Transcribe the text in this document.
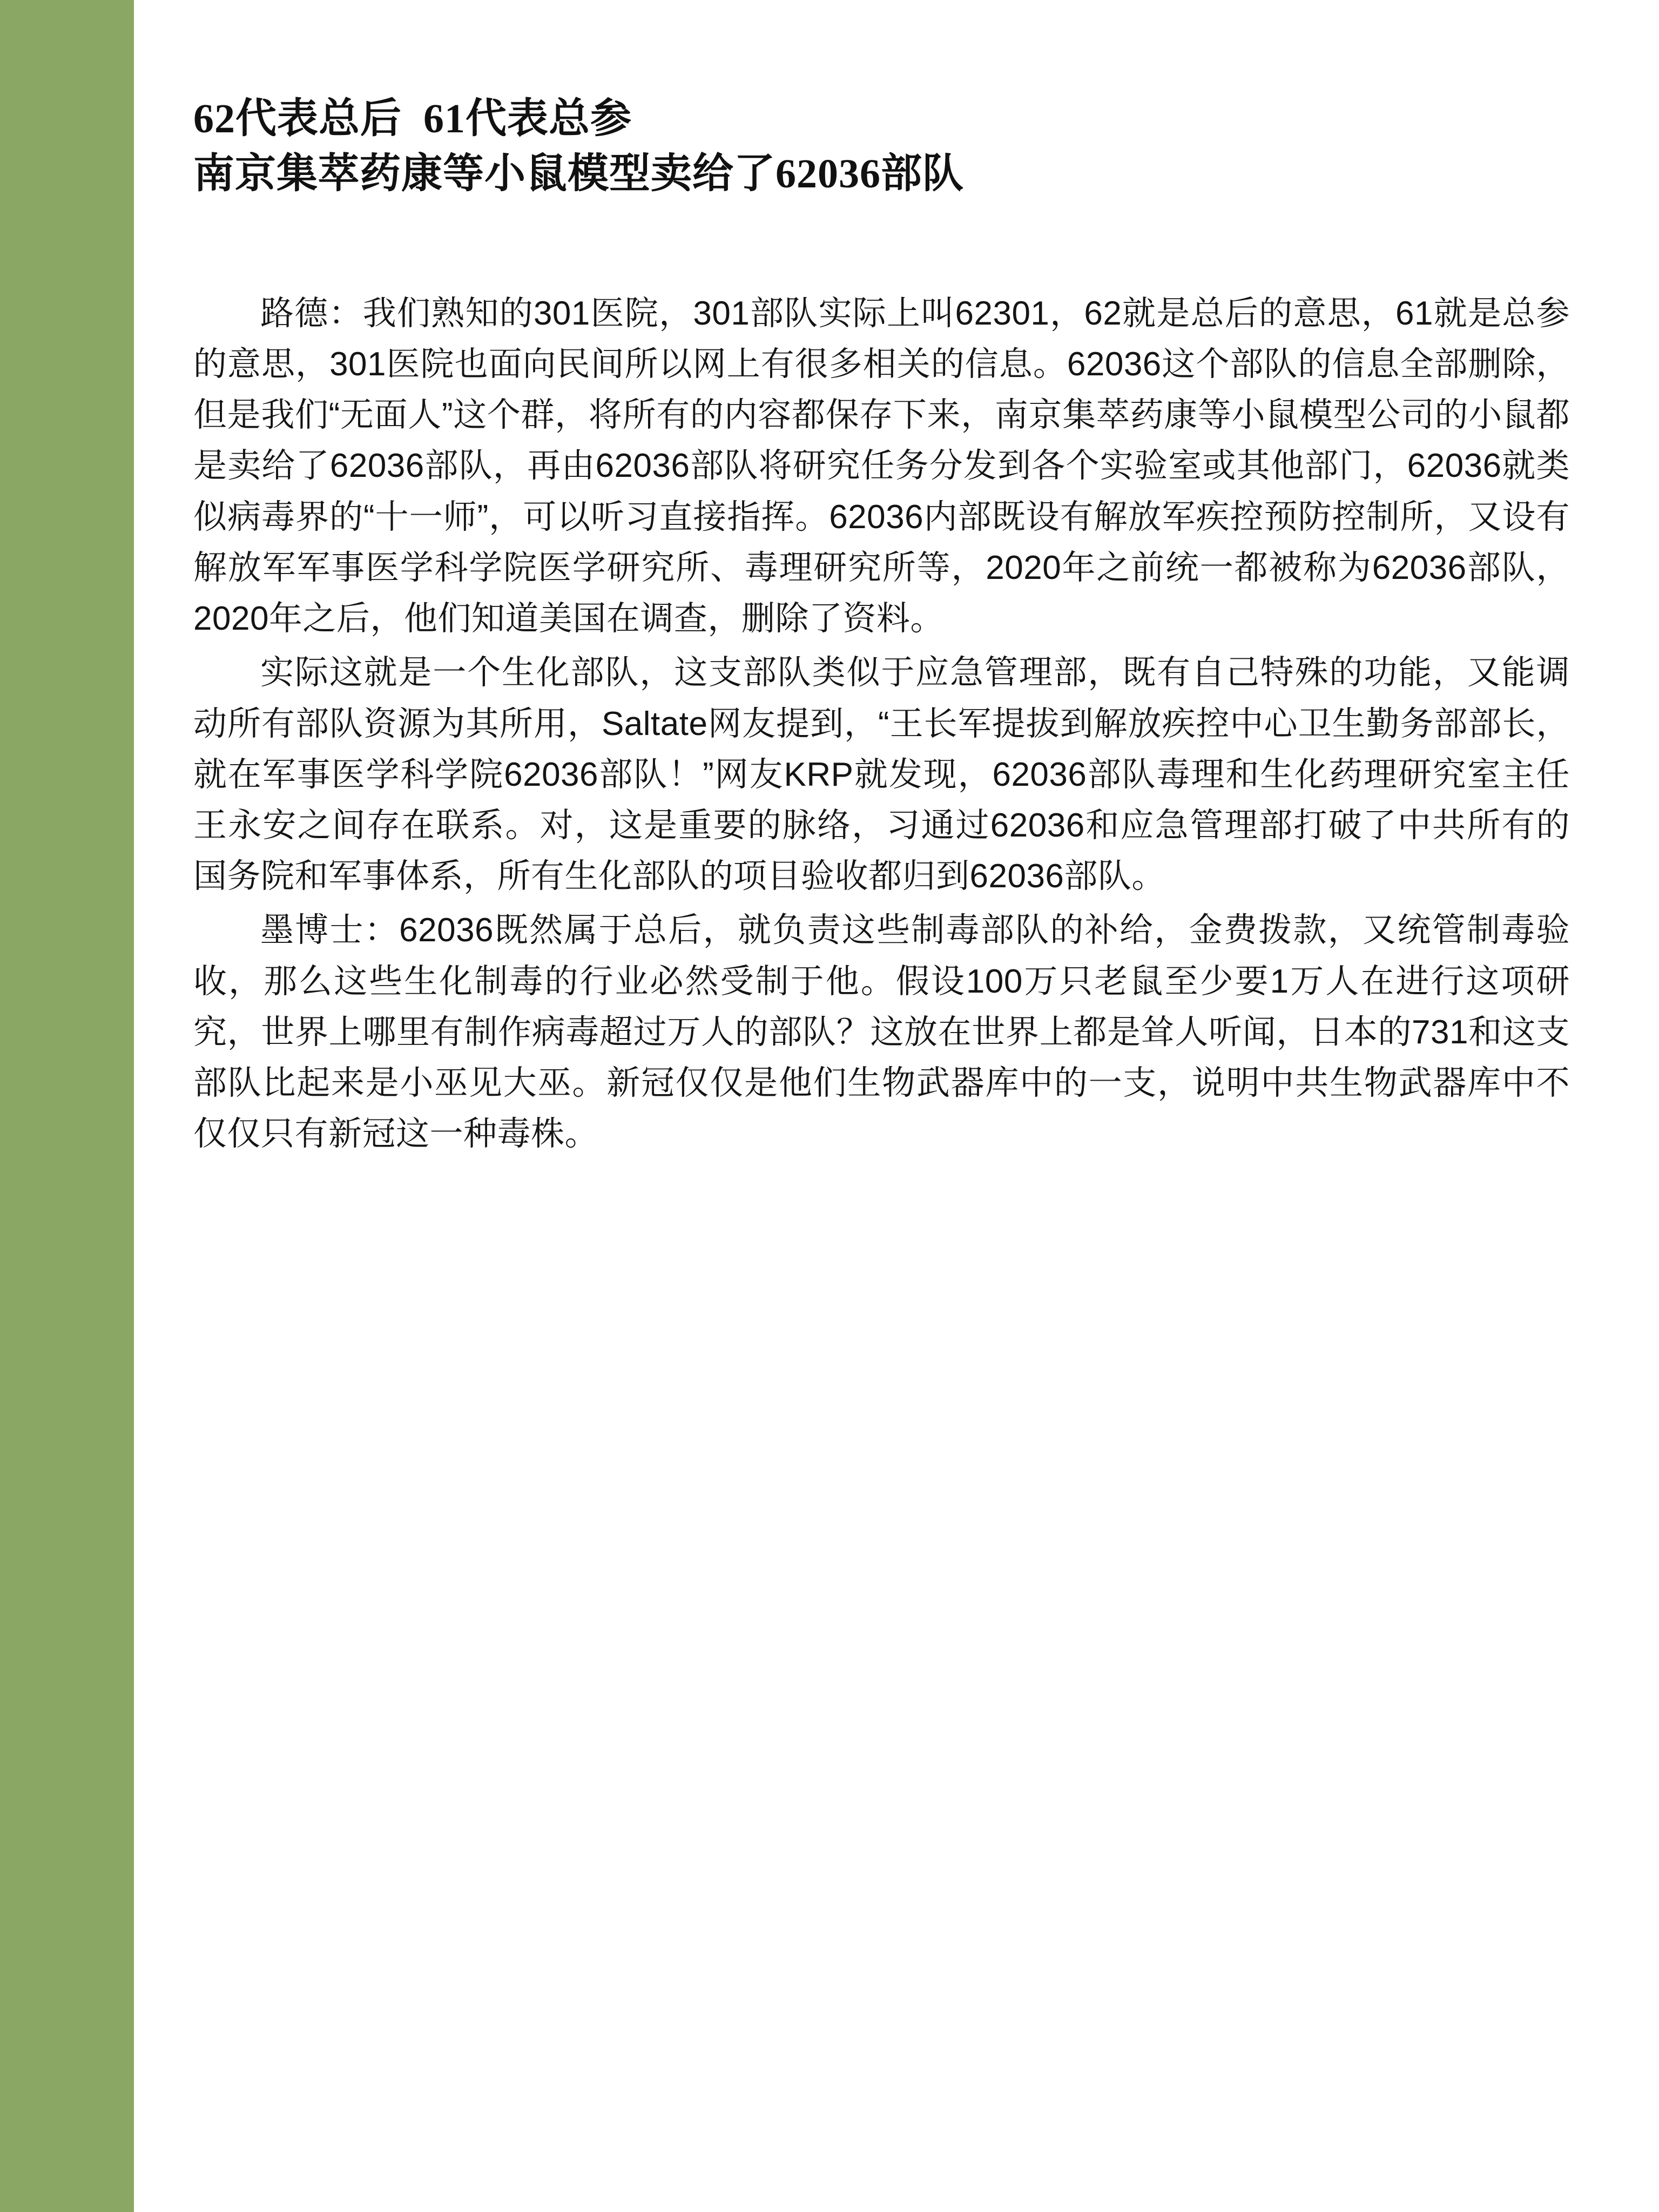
62代表总后  61代表总参
南京集萃药康等小鼠模型卖给了62036部队

路德：我们熟知的301医院，301部队实际上叫62301，62就是总后的意思，61就是总参的意思，301医院也面向民间所以网上有很多相关的信息。62036这个部队的信息全部删除，但是我们“无面人”这个群，将所有的内容都保存下来，南京集萃药康等小鼠模型公司的小鼠都是卖给了62036部队，再由62036部队将研究任务分发到各个实验室或其他部门，62036就类似病毒界的“十一师”，可以听习直接指挥。62036内部既设有解放军疾控预防控制所，又设有解放军军事医学科学院医学研究所、毒理研究所等，2020年之前统一都被称为62036部队，2020年之后，他们知道美国在调查，删除了资料。

实际这就是一个生化部队，这支部队类似于应急管理部，既有自己特殊的功能，又能调动所有部队资源为其所用，Saltate网友提到，“王长军提拔到解放疾控中心卫生勤务部部长，就在军事医学科学院62036部队！”网友KRP就发现，62036部队毒理和生化药理研究室主任王永安之间存在联系。对，这是重要的脉络，习通过62036和应急管理部打破了中共所有的国务院和军事体系，所有生化部队的项目验收都归到62036部队。

墨博士：62036既然属于总后，就负责这些制毒部队的补给，金费拨款，又统管制毒验收，那么这些生化制毒的行业必然受制于他。假设100万只老鼠至少要1万人在进行这项研究，世界上哪里有制作病毒超过万人的部队？这放在世界上都是耸人听闻，日本的731和这支部队比起来是小巫见大巫。新冠仅仅是他们生物武器库中的一支，说明中共生物武器库中不仅仅只有新冠这一种毒株。
